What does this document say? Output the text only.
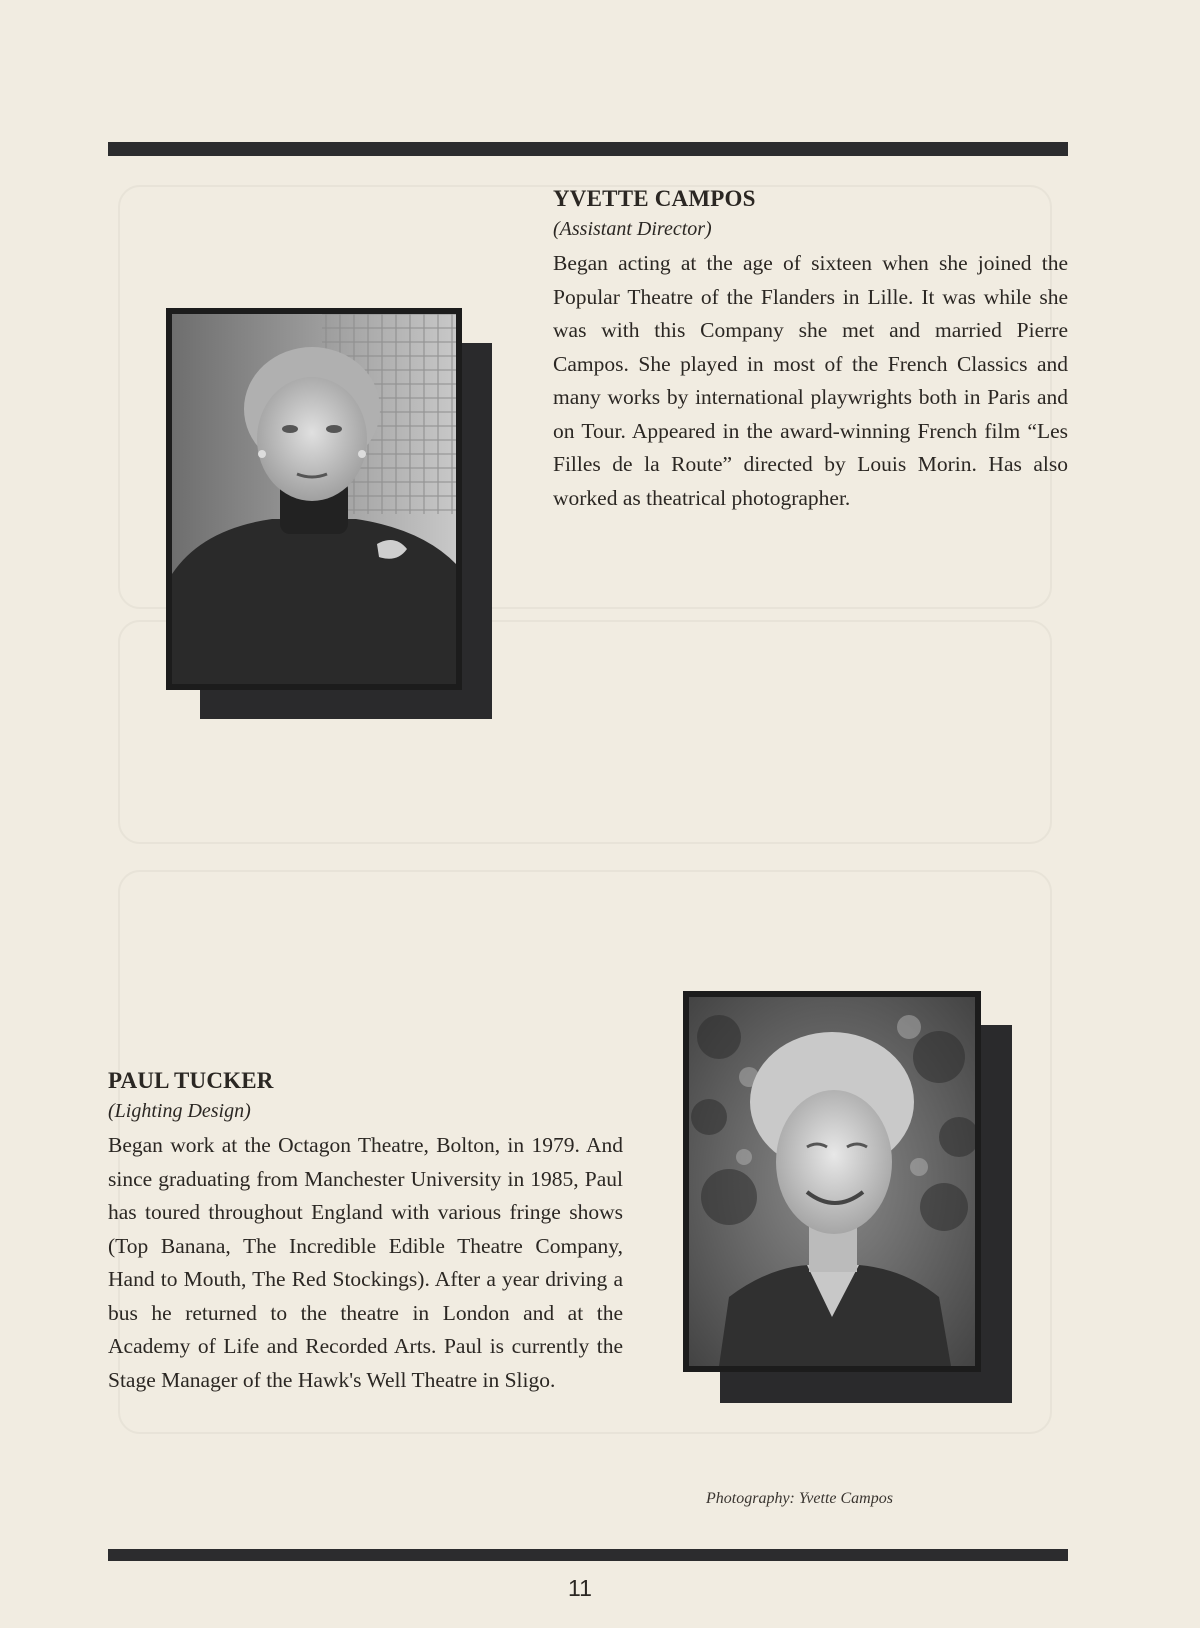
YVETTE CAMPOS

(Assistant Director)

Began acting at the age of sixteen when she joined the Popular Theatre of the Flanders in Lille. It was while she was with this Company she met and married Pierre Campos. She played in most of the French Classics and many works by international playwrights both in Paris and on Tour. Appeared in the award-winning French film “Les Filles de la Route” directed by Louis Morin. Has also worked as theatrical photographer.

PAUL TUCKER

(Lighting Design)

Began work at the Octagon Theatre, Bolton, in 1979. And since graduating from Manchester University in 1985, Paul has toured throughout England with various fringe shows (Top Banana, The Incredible Edible Theatre Company, Hand to Mouth, The Red Stockings). After a year driving a bus he returned to the theatre in London and at the Academy of Life and Recorded Arts. Paul is currently the Stage Manager of the Hawk's Well Theatre in Sligo.

Photography: Yvette Campos
11
